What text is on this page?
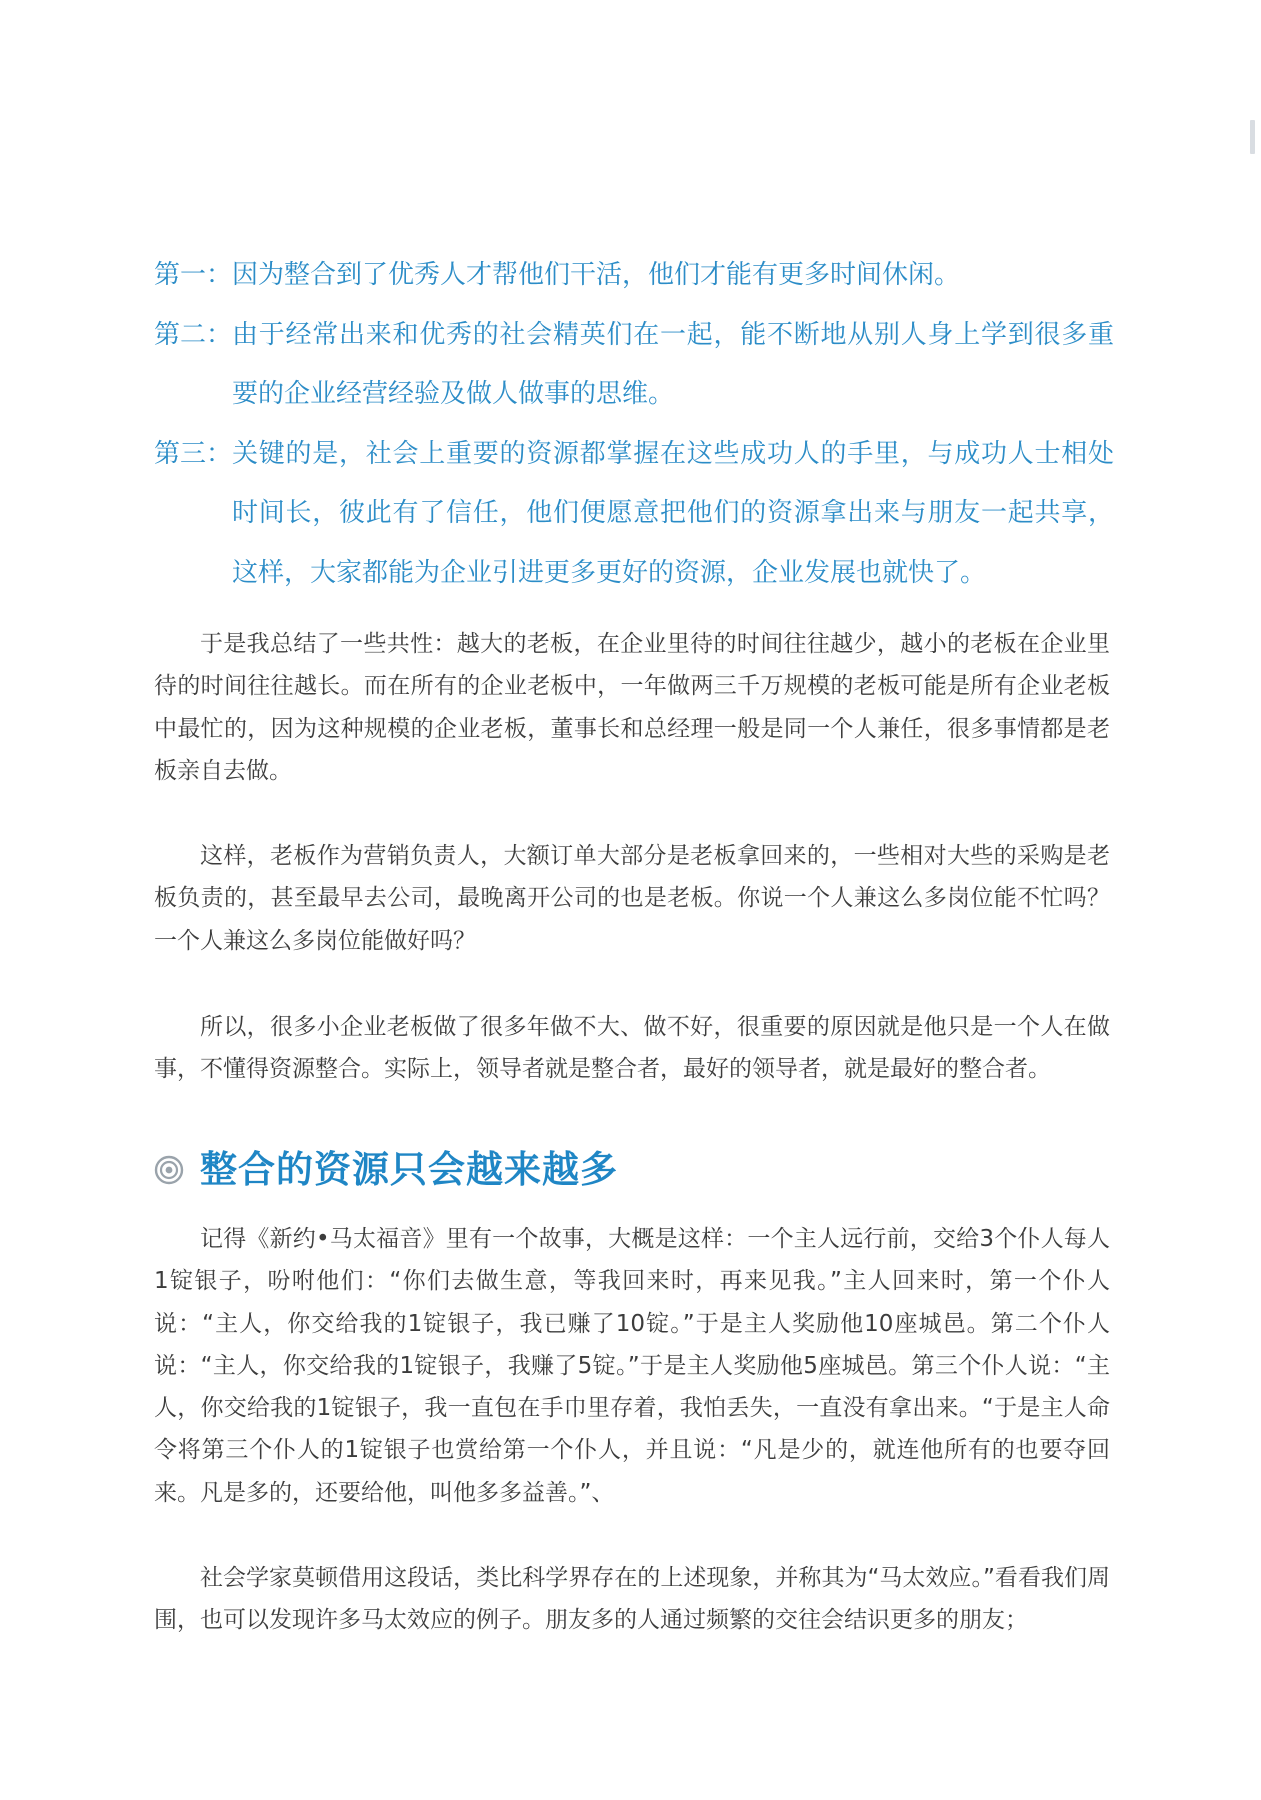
第一： 因为整合到了优秀人才帮他们干活，他们才能有更多时间休闲。
第二： 由于经常出来和优秀的社会精英们在一起，能不断地从别人身上学到很多重要的企业经营经验及做人做事的思维。
第三： 关键的是，社会上重要的资源都掌握在这些成功人的手里，与成功人士相处时间长，彼此有了信任，他们便愿意把他们的资源拿出来与朋友一起共享，这样，大家都能为企业引进更多更好的资源，企业发展也就快了。

于是我总结了一些共性：越大的老板，在企业里待的时间往往越少，越小的老板在企业里待的时间往往越长。而在所有的企业老板中，一年做两三千万规模的老板可能是所有企业老板中最忙的，因为这种规模的企业老板，董事长和总经理一般是同一个人兼任，很多事情都是老板亲自去做。

这样，老板作为营销负责人，大额订单大部分是老板拿回来的，一些相对大些的采购是老板负责的，甚至最早去公司，最晚离开公司的也是老板。你说一个人兼这么多岗位能不忙吗？一个人兼这么多岗位能做好吗？

所以，很多小企业老板做了很多年做不大、做不好，很重要的原因就是他只是一个人在做事，不懂得资源整合。实际上，领导者就是整合者，最好的领导者，就是最好的整合者。

整合的资源只会越来越多

记得《新约•马太福音》里有一个故事，大概是这样：一个主人远行前，交给3个仆人每人1锭银子，吩咐他们：“你们去做生意，等我回来时，再来见我。”主人回来时，第一个仆人说：“主人，你交给我的1锭银子，我已赚了10锭。”于是主人奖励他10座城邑。第二个仆人说：“主人，你交给我的1锭银子，我赚了5锭。”于是主人奖励他5座城邑。第三个仆人说：“主人，你交给我的1锭银子，我一直包在手巾里存着，我怕丢失，一直没有拿出来。“于是主人命令将第三个仆人的1锭银子也赏给第一个仆人，并且说：“凡是少的，就连他所有的也要夺回来。凡是多的，还要给他，叫他多多益善。”、

社会学家莫顿借用这段话，类比科学界存在的上述现象，并称其为“马太效应。”看看我们周围，也可以发现许多马太效应的例子。朋友多的人通过频繁的交往会结识更多的朋友；
